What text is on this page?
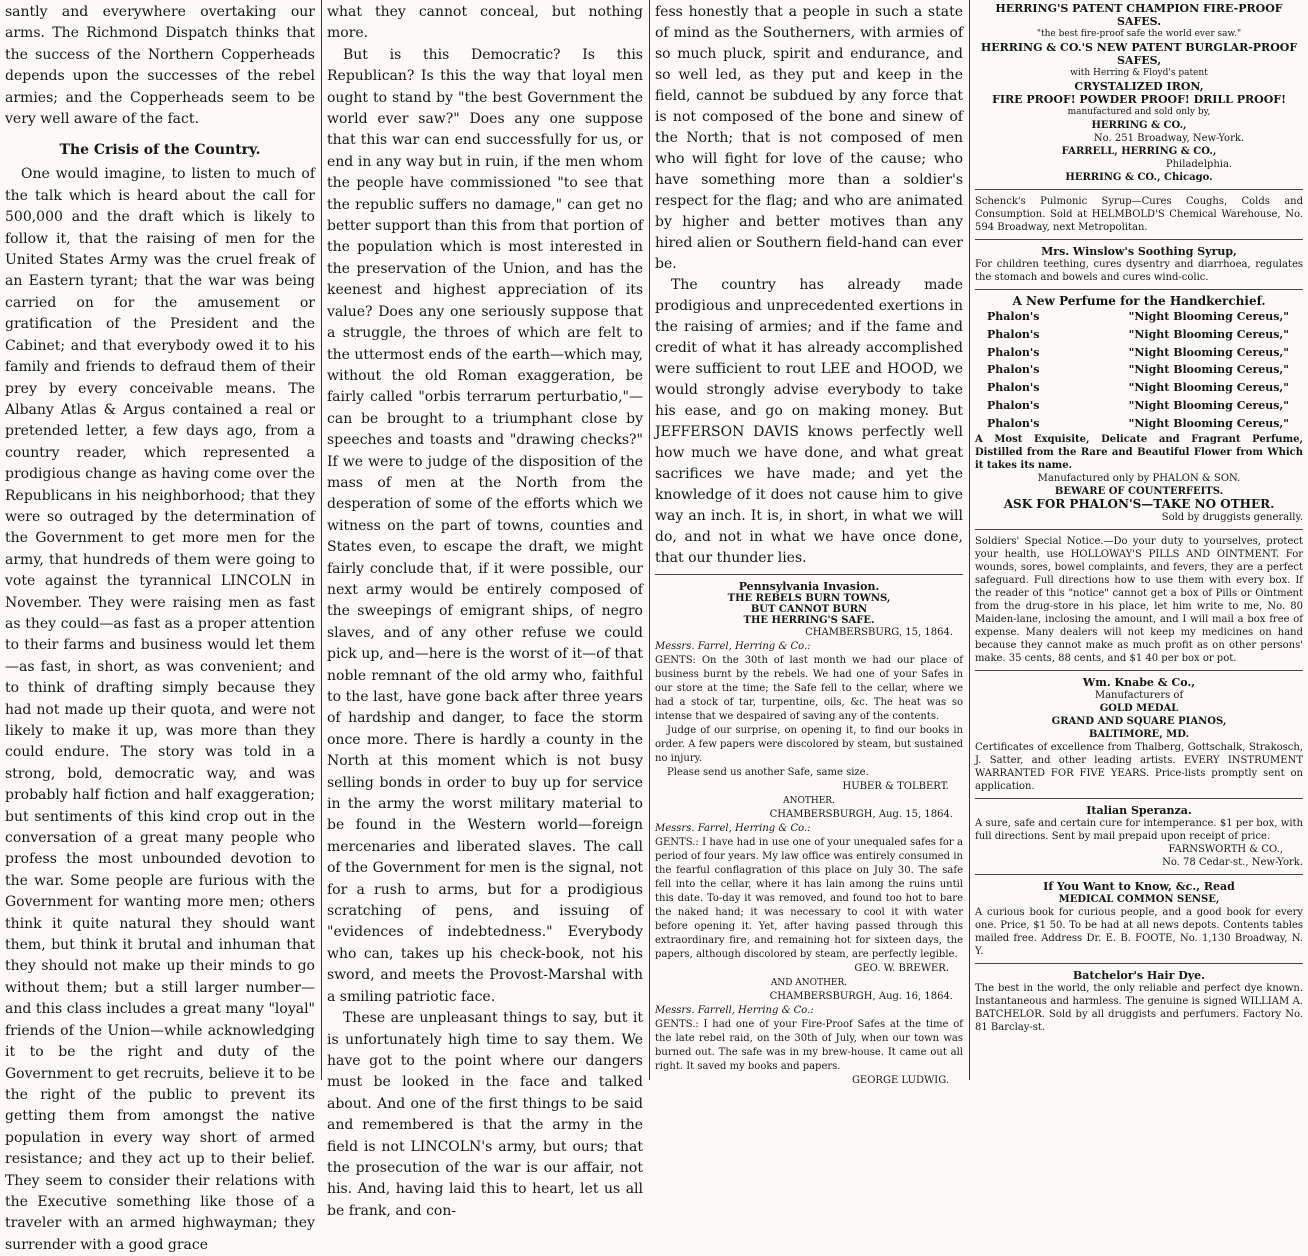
santly and everywhere overtaking our arms. The Richmond Dispatch thinks that the success of the Northern Copperheads depends upon the successes of the rebel armies; and the Copperheads seem to be very well aware of the fact.

The Crisis of the Country.

One would imagine, to listen to much of the talk which is heard about the call for 500,000 and the draft which is likely to follow it, that the raising of men for the United States Army was the cruel freak of an Eastern tyrant; that the war was being carried on for the amusement or gratification of the President and the Cabinet; and that everybody owed it to his family and friends to defraud them of their prey by every conceivable means. The Albany Atlas & Argus contained a real or pretended letter, a few days ago, from a country reader, which represented a prodigious change as having come over the Republicans in his neighborhood; that they were so outraged by the determination of the Government to get more men for the army, that hundreds of them were going to vote against the tyrannical LINCOLN in November. They were raising men as fast as they could—as fast as a proper attention to their farms and business would let them—as fast, in short, as was convenient; and to think of drafting simply because they had not made up their quota, and were not likely to make it up, was more than they could endure. The story was told in a strong, bold, democratic way, and was probably half fiction and half exaggeration; but sentiments of this kind crop out in the conversation of a great many people who profess the most unbounded devotion to the war. Some people are furious with the Government for wanting more men; others think it quite natural they should want them, but think it brutal and inhuman that they should not make up their minds to go without them; but a still larger number—and this class includes a great many "loyal" friends of the Union—while acknowledging it to be the right and duty of the Government to get recruits, believe it to be the right of the public to prevent its getting them from amongst the native population in every way short of armed resistance; and they act up to their belief. They seem to consider their relations with the Executive something like those of a traveler with an armed highwayman; they surrender with a good grace

what they cannot conceal, but nothing more.

But is this Democratic? Is this Republican? Is this the way that loyal men ought to stand by "the best Government the world ever saw?" Does any one suppose that this war can end successfully for us, or end in any way but in ruin, if the men whom the people have commissioned "to see that the republic suffers no damage," can get no better support than this from that portion of the population which is most interested in the preservation of the Union, and has the keenest and highest appreciation of its value? Does any one seriously suppose that a struggle, the throes of which are felt to the uttermost ends of the earth—which may, without the old Roman exaggeration, be fairly called "orbis terrarum perturbatio,"—can be brought to a triumphant close by speeches and toasts and "drawing checks?" If we were to judge of the disposition of the mass of men at the North from the desperation of some of the efforts which we witness on the part of towns, counties and States even, to escape the draft, we might fairly conclude that, if it were possible, our next army would be entirely composed of the sweepings of emigrant ships, of negro slaves, and of any other refuse we could pick up, and—here is the worst of it—of that noble remnant of the old army who, faithful to the last, have gone back after three years of hardship and danger, to face the storm once more. There is hardly a county in the North at this moment which is not busy selling bonds in order to buy up for service in the army the worst military material to be found in the Western world—foreign mercenaries and liberated slaves. The call of the Government for men is the signal, not for a rush to arms, but for a prodigious scratching of pens, and issuing of "evidences of indebtedness." Everybody who can, takes up his check-book, not his sword, and meets the Provost-Marshal with a smiling patriotic face.

These are unpleasant things to say, but it is unfortunately high time to say them. We have got to the point where our dangers must be looked in the face and talked about. And one of the first things to be said and remembered is that the army in the field is not LINCOLN's army, but ours; that the prosecution of the war is our affair, not his. And, having laid this to heart, let us all be frank, and con-

fess honestly that a people in such a state of mind as the Southerners, with armies of so much pluck, spirit and endurance, and so well led, as they put and keep in the field, cannot be subdued by any force that is not composed of the bone and sinew of the North; that is not composed of men who will fight for love of the cause; who have something more than a soldier's respect for the flag; and who are animated by higher and better motives than any hired alien or Southern field-hand can ever be.

The country has already made prodigious and unprecedented exertions in the raising of armies; and if the fame and credit of what it has already accomplished were sufficient to rout LEE and HOOD, we would strongly advise everybody to take his ease, and go on making money. But JEFFERSON DAVIS knows perfectly well how much we have done, and what great sacrifices we have made; and yet the knowledge of it does not cause him to give way an inch. It is, in short, in what we will do, and not in what we have once done, that our thunder lies.

Pennsylvania Invasion.
THE REBELS BURN TOWNS,
BUT CANNOT BURN
THE HERRING'S SAFE.
CHAMBERSBURG, 15, 1864.
Messrs. Farrel, Herring & Co.:

GENTS: On the 30th of last month we had our place of business burnt by the rebels. We had one of your Safes in our store at the time; the Safe fell to the cellar, where we had a stock of tar, turpentine, oils, &c. The heat was so intense that we despaired of saving any of the contents.

Judge of our surprise, on opening it, to find our books in order. A few papers were discolored by steam, but sustained no injury.

Please send us another Safe, same size.

HUBER & TOLBERT.
ANOTHER.
CHAMBERSBURGH, Aug. 15, 1864.
Messrs. Farrel, Herring & Co.:

GENTS.: I have had in use one of your unequaled safes for a period of four years. My law office was entirely consumed in the fearful conflagration of this place on July 30. The safe fell into the cellar, where it has lain among the ruins until this date. To-day it was removed, and found too hot to bare the naked hand; it was necessary to cool it with water before opening it. Yet, after having passed through this extraordinary fire, and remaining hot for sixteen days, the papers, although discolored by steam, are perfectly legible.

GEO. W. BREWER.
AND ANOTHER.
CHAMBERSBURGH, Aug. 16, 1864.
Messrs. Farrell, Herring & Co.:

GENTS.: I had one of your Fire-Proof Safes at the time of the late rebel raid, on the 30th of July, when our town was burned out. The safe was in my brew-house. It came out all right. It saved my books and papers.

GEORGE LUDWIG.
HERRING'S PATENT CHAMPION FIRE-PROOF SAFES.
"the best fire-proof safe the world ever saw."
HERRING & CO.'S NEW PATENT BURGLAR-PROOF SAFES,
with Herring & Floyd's patent
CRYSTALIZED IRON,
FIRE PROOF! POWDER PROOF! DRILL PROOF!
manufactured and sold only by,
HERRING & CO.,
No. 251 Broadway, New-York.
FARRELL, HERRING & CO.,
Philadelphia.
HERRING & CO., Chicago.

Schenck's Pulmonic Syrup—Cures Coughs, Colds and Consumption. Sold at HELMBOLD'S Chemical Warehouse, No. 594 Broadway, next Metropolitan.

Mrs. Winslow's Soothing Syrup,

For children teething, cures dysentry and diarrhoea, regulates the stomach and bowels and cures wind-colic.

A New Perfume for the Handkerchief.
Phalon's	"Night Blooming Cereus,"
Phalon's	"Night Blooming Cereus,"
Phalon's	"Night Blooming Cereus,"
Phalon's	"Night Blooming Cereus,"
Phalon's	"Night Blooming Cereus,"
Phalon's	"Night Blooming Cereus,"
Phalon's	"Night Blooming Cereus,"

A Most Exquisite, Delicate and Fragrant Perfume, Distilled from the Rare and Beautiful Flower from Which it takes its name.

Manufactured only by PHALON & SON.
BEWARE OF COUNTERFEITS.
ASK FOR PHALON'S—TAKE NO OTHER.
Sold by druggists generally.

Soldiers' Special Notice.—Do your duty to yourselves, protect your health, use HOLLOWAY'S PILLS AND OINTMENT. For wounds, sores, bowel complaints, and fevers, they are a perfect safeguard. Full directions how to use them with every box. If the reader of this "notice" cannot get a box of Pills or Ointment from the drug-store in his place, let him write to me, No. 80 Maiden-lane, inclosing the amount, and I will mail a box free of expense. Many dealers will not keep my medicines on hand because they cannot make as much profit as on other persons' make. 35 cents, 88 cents, and $1 40 per box or pot.

Wm. Knabe & Co.,
Manufacturers of
GOLD MEDAL
GRAND AND SQUARE PIANOS,
BALTIMORE, MD.

Certificates of excellence from Thalberg, Gottschalk, Strakosch, J. Satter, and other leading artists. EVERY INSTRUMENT WARRANTED FOR FIVE YEARS. Price-lists promptly sent on application.

Italian Speranza.

A sure, safe and certain cure for intemperance. $1 per box, with full directions. Sent by mail prepaid upon receipt of price.

FARNSWORTH & CO.,
No. 78 Cedar-st., New-York.
If You Want to Know, &c., Read
MEDICAL COMMON SENSE,

A curious book for curious people, and a good book for every one. Price, $1 50. To be had at all news depots. Contents tables mailed free. Address Dr. E. B. FOOTE, No. 1,130 Broadway, N. Y.

Batchelor's Hair Dye.

The best in the world, the only reliable and perfect dye known. Instantaneous and harmless. The genuine is signed WILLIAM A. BATCHELOR. Sold by all druggists and perfumers. Factory No. 81 Barclay-st.
